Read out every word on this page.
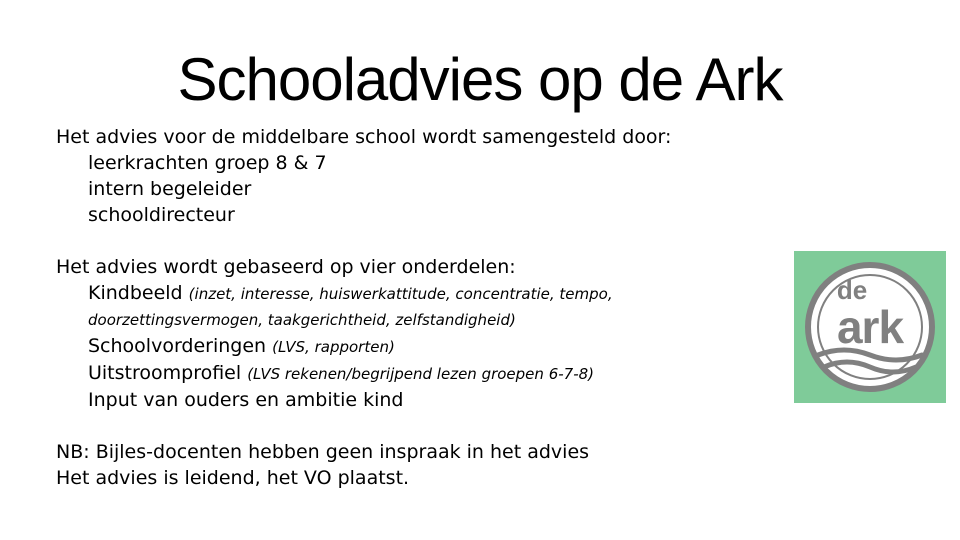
Schooladvies op de Ark
Het advies voor de middelbare school wordt samengesteld door:
leerkrachten groep 8 & 7
intern begeleider
schooldirecteur
Het advies wordt gebaseerd op vier onderdelen:
Kindbeeld (inzet, interesse, huiswerkattitude, concentratie, tempo,
doorzettingsvermogen, taakgerichtheid, zelfstandigheid)
Schoolvorderingen (LVS, rapporten)
Uitstroomprofiel (LVS rekenen/begrijpend lezen groepen 6-7-8)
Input van ouders en ambitie kind
NB: Bijles-docenten hebben geen inspraak in het advies
Het advies is leidend, het VO plaatst.
de
ark
